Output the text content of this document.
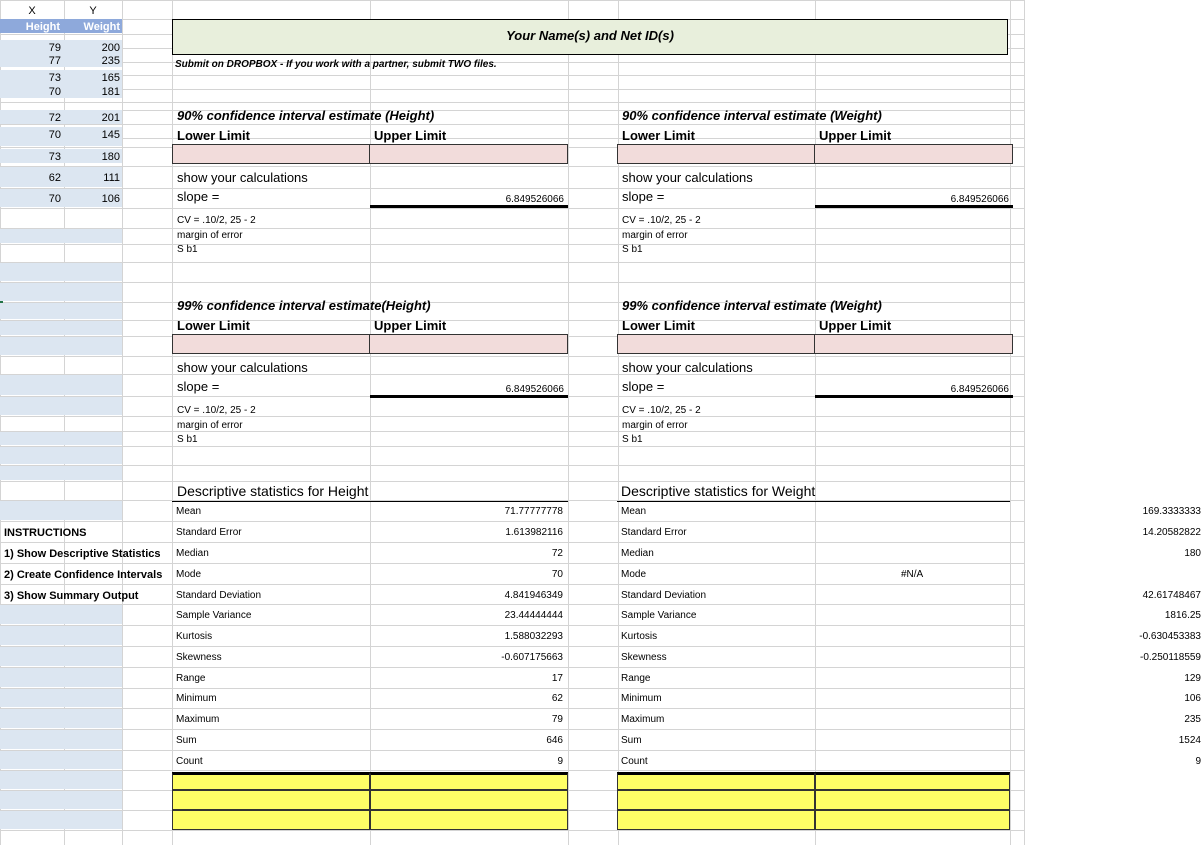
X	Y
Height	Weight
79	200
77	235
73	165
70	181
72	201
70	145
73	180
62	111
70	106
Your Name(s) and Net ID(s)
Submit on DROPBOX - If you work with a partner, submit TWO files.
90% confidence interval estimate (Height)
Lower Limit	Upper Limit
show your calculations
slope =	6.849526066
CV = .10/2, 25 - 2
margin of error
S b1
90% confidence interval estimate (Weight)
Lower Limit	Upper Limit
show your calculations
slope =	6.849526066
CV = .10/2, 25 - 2
margin of error
S b1
99% confidence interval estimate(Height)
Lower Limit	Upper Limit
show your calculations
slope =	6.849526066
CV = .10/2, 25 - 2
margin of error
S b1
99% confidence interval estimate (Weight)
Lower Limit	Upper Limit
show your calculations
slope =	6.849526066
CV = .10/2, 25 - 2
margin of error
S b1
INSTRUCTIONS
1) Show Descriptive Statistics
2) Create Confidence Intervals
3) Show Summary Output
Descriptive statistics for Height	Descriptive statistics for Weight
Mean	71.77777778
Standard Error	1.613982116
Median	72
Mode	70
Standard Deviation	4.841946349
Sample Variance	23.44444444
Kurtosis	1.588032293
Skewness	-0.607175663
Range	17
Minimum	62
Maximum	79
Sum	646
Count	9
Mean	169.3333333
Standard Error	14.20582822
Median	180
Mode	#N/A
Standard Deviation	42.61748467
Sample Variance	1816.25
Kurtosis	-0.630453383
Skewness	-0.250118559
Range	129
Minimum	106
Maximum	235
Sum	1524
Count	9
